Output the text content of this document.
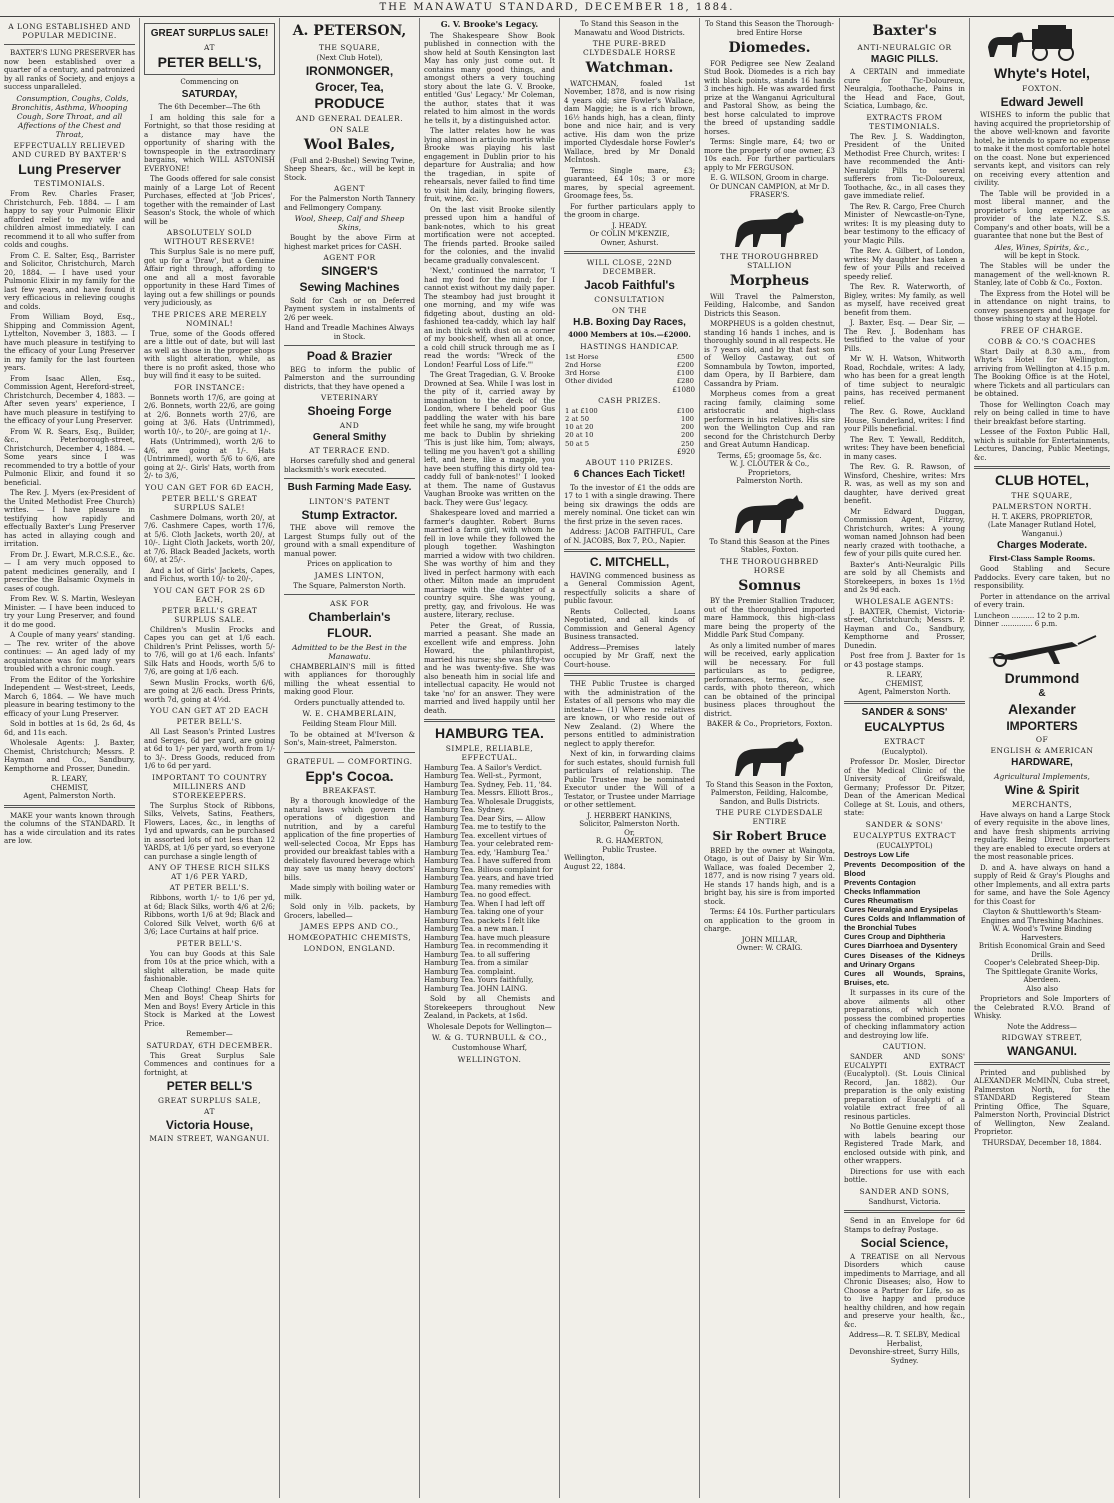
THE MANAWATU STANDARD, DECEMBER 18, 1884.
A LONG ESTABLISHED AND POPULAR MEDICINE.

BAXTER'S LUNG PRESERVER has now been established over a quarter of a century, and patronized by all ranks of Society, and enjoys a success unparalleled.

Consumption, Coughs, Colds, Bronchitis, Asthma, Whooping Cough, Sore Throat, and all Affections of the Chest and Throat,

EFFECTUALLY RELIEVED AND CURED BY BAXTER'S
Lung Preserver
TESTIMONIALS.

From Rev. Charles Fraser, Christchurch, Feb. 1884. — I am happy to say your Pulmonic Elixir afforded relief to my wife and children almost immediately. I can recommend it to all who suffer from colds and coughs.

From C. E. Salter, Esq., Barrister and Solicitor, Christchurch, March 20, 1884. — I have used your Pulmonic Elixir in my family for the last few years, and have found it very efficacious in relieving coughs and colds.

From William Boyd, Esq., Shipping and Commission Agent, Lyttelton, November 3, 1883. — I have much pleasure in testifying to the efficacy of your Lung Preserver in my family for the last fourteen years.

From Isaac Allen, Esq., Commission Agent, Hereford-street, Christchurch, December 4, 1883. — After seven years' experience, I have much pleasure in testifying to the efficacy of your Lung Preserver.

From W. R. Sears, Esq., Builder, &c., Peterborough-street, Christchurch, December 4, 1884. — Some years since I was recommended to try a bottle of your Pulmonic Elixir, and found it so beneficial.

The Rev. J. Myers (ex-President of the United Methodist Free Church) writes. — I have pleasure in testifying how rapidly and effectually Baxter's Lung Preserver has acted in allaying cough and irritation.

From Dr. J. Ewart, M.R.C.S.E., &c. — I am very much opposed to patent medicines generally, and I prescribe the Balsamic Oxymels in cases of cough.

From Rev. W. S. Martin, Wesleyan Minister. — I have been induced to try your Lung Preserver, and found it do me good.

A Couple of many years' standing. — The rev. writer of the above continues: — An aged lady of my acquaintance was for many years troubled with a chronic cough.

From the Editor of the Yorkshire Independent — West-street, Leeds, March 6, 1864. — We have much pleasure in bearing testimony to the efficacy of your Lung Preserver.

Sold in bottles at 1s 6d, 2s 6d, 4s 6d, and 11s each.

Wholesale Agents: J. Baxter, Chemist, Christchurch; Messrs. P. Hayman and Co., Sandbury, Kempthorne and Prosser, Dunedin.

R. LEARY,
CHEMIST,
Agent, Palmerston North.

MAKE your wants known through the columns of the STANDARD. It has a wide circulation and its rates are low.

GREAT SURPLUS SALE!
AT
PETER BELL'S,
Commencing on
SATURDAY,
The 6th December—The 6th

I am holding this sale for a Fortnight, so that those residing at a distance may have the opportunity of sharing with the townspeople in the extraordinary bargains, which WILL ASTONISH EVERYONE!

The Goods offered for sale consist mainly of a Large Lot of Recent Purchases, effected at 'Job Prices', together with the remainder of Last Season's Stock, the whole of which will be

ABSOLUTELY SOLD WITHOUT RESERVE!

This Surplus Sale is no mere puff, got up for a 'Draw', but a Genuine Affair right through, affording to one and all a most favorable opportunity in these Hard Times of laying out a few shillings or pounds very judiciously, as

THE PRICES ARE MERELY NOMINAL!

True, some of the Goods offered are a little out of date, but will last as well as those in the proper shops with slight alteration, while, as there is no profit asked, those who buy will find it easy to be suited.

FOR INSTANCE:

Bonnets worth 17/6, are going at 2/6. Bonnets, worth 22/6, are going at 2/6. Bonnets worth 27/6, are going at 3/6. Hats (Untrimmed), worth 10/-, to 20/-, are going at 1/-.

Hats (Untrimmed), worth 2/6 to 4/6, are going at 1/-. Hats (Untrimmed), worth 5/6 to 6/6, are going at 2/-. Girls' Hats, worth from 2/- to 3/6,

YOU CAN GET FOR 6D EACH,
PETER BELL'S GREAT SURPLUS SALE!

Cashmere Dolmans, worth 20/, at 7/6. Cashmere Capes, worth 17/6, at 5/6. Cloth Jackets, worth 20/, at 10/-. Light Cloth Jackets, worth 20/, at 7/6. Black Beaded Jackets, worth 60/, at 25/-.

And a lot of Girls' Jackets, Capes, and Fichus, worth 10/- to 20/-,

YOU CAN GET FOR 2S 6D EACH,
PETER BELL'S GREAT SURPLUS SALE.

Children's Muslin Frocks and Capes you can get at 1/6 each. Children's Print Pelisses, worth 5/- to 7/6, will go at 1/6 each. Infants' Silk Hats and Hoods, worth 5/6 to 7/6, are going at 1/6 each.

Sewn Muslin Frocks, worth 6/6, are going at 2/6 each. Dress Prints, worth 7d, going at 4½d.

YOU CAN GET AT 2D EACH
PETER BELL'S.

All Last Season's Printed Lustres and Serges, 6d per yard, are going at 6d to 1/- per yard, worth from 1/- to 3/-. Dress Goods, reduced from 1/6 to 6d per yard.

IMPORTANT TO COUNTRY MILLINERS AND STOREKEEPERS.

The Surplus Stock of Ribbons, Silks, Velvets, Satins, Feathers, Flowers, Laces, &c., in lengths of 1yd and upwards, can be purchased in assorted lots of not less than 12 YARDS, at 1/6 per yard, so everyone can purchase a single length of

ANY OF THESE RICH SILKS AT 1/6 PER YARD,
AT PETER BELL'S.

Ribbons, worth 1/- to 1/6 per yd, at 6d; Black Silks, worth 4/6 at 2/6; Ribbons, worth 1/6 at 9d; Black and Colored Silk Velvet, worth 6/6 at 3/6; Lace Curtains at half price.

PETER BELL'S.

You can buy Goods at this Sale from 10s at the price which, with a slight alteration, be made quite fashionable.

Cheap Clothing! Cheap Hats for Men and Boys! Cheap Shirts for Men and Boys! Every Article in this Stock is Marked at the Lowest Price.

Remember—
SATURDAY, 6TH DECEMBER.

This Great Surplus Sale Commences and continues for a fortnight, at

PETER BELL'S
GREAT SURPLUS SALE,
AT
Victoria House,
MAIN STREET, WANGANUI.
A. PETERSON,
THE SQUARE,
(Next Club Hotel),
IRONMONGER,
Grocer, Tea,
PRODUCE
AND GENERAL DEALER.
ON SALE
Wool Bales,

(Full and 2-Bushel) Sewing Twine, Sheep Shears, &c., will be kept in Stock.

AGENT

For the Palmerston North Tannery and Fellmongery Company.

Wool, Sheep, Calf and Sheep Skins,

Bought by the above Firm at highest market prices for CASH.

AGENT FOR
SINGER'S
Sewing Machines

Sold for Cash or on Deferred Payment system in instalments of 2/6 per week.

Hand and Treadle Machines Always in Stock.
Poad & Brazier

BEG to inform the public of Palmerston and the surrounding districts, that they have opened a

VETERINARY
Shoeing Forge
AND
General Smithy
AT TERRACE END.

Horses carefully shod and general blacksmith's work executed.

Bush Farming Made Easy.
LINTON'S PATENT
Stump Extractor.

THE above will remove the Largest Stumps fully out of the ground with a small expenditure of manual power.

Prices on application to
JAMES LINTON,
The Square, Palmerston North.
ASK FOR
Chamberlain's
FLOUR.
Admitted to be the Best in the Manawatu.

CHAMBERLAIN'S mill is fitted with appliances for thoroughly milling the wheat essential to making good Flour.

Orders punctually attended to.
W. E. CHAMBERLAIN,
Feilding Steam Flour Mill.

To be obtained at M'Iverson & Son's, Main-street, Palmerston.

GRATEFUL — COMFORTING.
Epp's Cocoa.
BREAKFAST.

By a thorough knowledge of the natural laws which govern the operations of digestion and nutrition, and by a careful application of the fine properties of well-selected Cocoa, Mr Epps has provided our breakfast tables with a delicately flavoured beverage which may save us many heavy doctors' bills.

Made simply with boiling water or milk.

Sold only in ½lb. packets, by Grocers, labelled—

JAMES EPPS AND CO.,
HOMŒOPATHIC CHEMISTS,
LONDON, ENGLAND.
G. V. Brooke's Legacy.

The Shakespeare Show Book published in connection with the show held at South Kensington last May has only just come out. It contains many good things, and amongst others a very touching story about the late G. V. Brooke, entitled 'Gus' Legacy.' Mr Coleman, the author, states that it was related to him almost in the words he tells it, by a distinguished actor.

The latter relates how he was lying almost in articulo mortis while Brooke was playing his last engagement in Dublin prior to his departure for Australia; and how the tragedian, in spite of rehearsals, never failed to find time to visit him daily, bringing flowers, fruit, wine, &c.

On the last visit Brooke silently pressed upon him a handful of bank-notes, which to his great mortification were not accepted. The friends parted. Brooke sailed for the colonies, and the invalid became gradually convalescent.

'Next,' continued the narrator, 'I had my food for the mind; for I cannot exist without my daily paper. The steamboy had just brought it one morning, and my wife was fidgeting about, dusting an old-fashioned tea-caddy, which lay half an inch thick with dust on a corner of my book-shelf, when all at once, a cold chill struck through me as I read the words: "Wreck of the London! Fearful Loss of Life."'

The Great Tragedian, G. V. Brooke Drowned at Sea. While I was lost in the pity of it, carried away by imagination to the deck of the London, where I beheld poor Gus paddling the water with his bare feet while he sang, my wife brought me back to Dublin by shrieking 'This is just like him, Tom; always, telling me you haven't got a shilling left, and here, like a magpie, you have been stuffing this dirty old tea-caddy full of bank-notes!' I looked at them. The name of Gustavus Vaughan Brooke was written on the back. They were Gus' legacy.

Shakespeare loved and married a farmer's daughter. Robert Burns married a farm girl, with whom he fell in love while they followed the plough together. Washington married a widow with two children. She was worthy of him and they lived in perfect harmony with each other. Milton made an imprudent marriage with the daughter of a country squire. She was young, pretty, gay, and frivolous. He was austere, literary, recluse.

Peter the Great, of Russia, married a peasant. She made an excellent wife and empress. John Howard, the philanthropist, married his nurse; she was fifty-two and he was twenty-five. She was also beneath him in social life and intellectual capacity. He would not take 'no' for an answer. They were married and lived happily until her death.

HAMBURG TEA.
SIMPLE, RELIABLE, EFFECTUAL.
Hamburg Tea. A Sailor's Verdict.
Hamburg Tea. Well-st., Pyrmont,
Hamburg Tea. Sydney, Feb. 11, '84.
Hamburg Tea. Messrs. Elliott Bros.,
Hamburg Tea. Wholesale Druggists,
Hamburg Tea. Sydney.
Hamburg Tea. Dear Sirs, — Allow
Hamburg Tea. me to testify to the
Hamburg Tea. excellent virtues of
Hamburg Tea. your celebrated rem-
Hamburg Tea. edy, 'Hamburg Tea.'
Hamburg Tea. I have suffered from
Hamburg Tea. Bilious complaint for
Hamburg Tea. years, and have tried
Hamburg Tea. many remedies with
Hamburg Tea. no good effect.
Hamburg Tea. When I had left off
Hamburg Tea. taking one of your
Hamburg Tea. packets I felt like
Hamburg Tea. a new man. I
Hamburg Tea. have much pleasure
Hamburg Tea. in recommending it
Hamburg Tea. to all suffering
Hamburg Tea. from a similar
Hamburg Tea. complaint.
Hamburg Tea. Yours faithfully,
Hamburg Tea. JOHN LAING.

Sold by all Chemists and Storekeepers throughout New Zealand, in Packets, at 1s6d.

Wholesale Depots for Wellington—
W. & G. TURNBULL & CO.,
Customhouse Wharf,
WELLINGTON.
To Stand this Season in the Manawatu and Wood Districts.
THE PURE-BRED CLYDESDALE HORSE
Watchman.

WATCHMAN, foaled 1st November, 1878, and is now rising 4 years old; sire Fowler's Wallace, dam Maggie; he is a rich brown, 16½ hands high, has a clean, flinty bone and nice hair, and is very active. His dam won the prize imported Clydesdale horse Fowler's Wallace, bred by Mr Donald McIntosh.

Terms: Single mare, £3; guaranteed, £4 10s; 3 or more mares, by special agreement. Groomage fees, 5s.

For further particulars apply to the groom in charge.

J. HEADY.
Or COLIN M'KENZIE,
Owner, Ashurst.
WILL CLOSE, 22ND DECEMBER.
Jacob Faithful's
CONSULTATION
ON THE
H.B. Boxing Day Races,
4000 Members at 10s.—£2000.
HASTINGS HANDICAP.
1st Horse	£500
2nd Horse	£200
3rd Horse	£100
Other divided	£280
£1080
CASH PRIZES.
1 at £100	£100
2 at 50	100
10 at 20	200
20 at 10	200
50 at 5	250
£920
ABOUT 110 PRIZES.
6 Chances Each Ticket!

To the investor of £1 the odds are 17 to 1 with a single drawing. There being six drawings the odds are merely nominal. One ticket can win the first prize in the seven races.

Address: JACOB FAITHFUL, Care of N. JACOBS, Box 7, P.O., Napier.

C. MITCHELL,

HAVING commenced business as a General Commission Agent, respectfully solicits a share of public favour.

Rents Collected, Loans Negotiated, and all kinds of Commission and General Agency Business transacted.

Address—Premises lately occupied by Mr Graff, next the Court-house.

THE Public Trustee is charged with the administration of the Estates of all persons who may die intestate— (1) Where no relatives are known, or who reside out of New Zealand. (2) Where the persons entitled to administration neglect to apply therefor.

Next of kin, in forwarding claims for such estates, should furnish full particulars of relationship. The Public Trustee may be nominated Executor under the Will of a Testator, or Trustee under Marriage or other settlement.

J. HERBERT HANKINS,
Solicitor, Palmerston North.
Or,
R. G. HAMERTON,
Public Trustee.
Wellington,
August 22, 1884.
To Stand this Season the Thorough-bred Entire Horse
Diomedes.

FOR Pedigree see New Zealand Stud Book. Diomedes is a rich bay with black points, stands 16 hands 3 inches high. He was awarded first prize at the Wanganui Agricultural and Pastoral Show, as being the best horse calculated to improve the breed of upstanding saddle horses.

Terms: Single mare, £4; two or more the property of one owner, £3 10s each. For further particulars apply to Mr FERGUSON.

E. G. WILSON, Groom in charge.
Or DUNCAN CAMPION, at Mr D. FRASER'S.
THE THOROUGHBRED STALLION
Morpheus

Will Travel the Palmerston, Feilding, Halcombe, and Sandon Districts this Season.

MORPHEUS is a golden chestnut, standing 16 hands 1 inches, and is thoroughly sound in all respects. He is 7 years old, and by that fast son of Welloy Castaway, out of Somnambula by Towton, imported, dam Opera, by II Barbiere, dam Cassandra by Priam.

Morpheus comes from a great racing family, claiming some aristocratic and high-class performers in his relatives. His sire won the Wellington Cup and ran second for the Christchurch Derby and Great Autumn Handicap.

Terms, £5; groomage 5s, &c.
W. J. CLOUTER & Co.,
Proprietors,
Palmerston North.
To Stand this Season at the Pines Stables, Foxton.
THE THOROUGHBRED HORSE
Somnus

BY the Premier Stallion Traducer, out of the thoroughbred imported mare Hammock, this high-class mare being the property of the Middle Park Stud Company.

As only a limited number of mares will be received, early application will be necessary. For full particulars as to pedigree, performances, terms, &c., see cards, with photo thereon, which can be obtained of the principal business places throughout the district.

BAKER & Co., Proprietors, Foxton.
To Stand this Season in the Foxton, Palmerston, Feilding, Halcombe, Sandon, and Bulls Districts.
THE PURE CLYDESDALE ENTIRE
Sir Robert Bruce

BRED by the owner at Waingota, Otago, is out of Daisy by Sir Wm. Wallace, was foaled December 2, 1877, and is now rising 7 years old. He stands 17 hands high, and is a bright bay, his sire is from imported stock.

Terms: £4 10s. Further particulars on application to the groom in charge.

JOHN MILLAR,
Owner: W. CRAIG.
Baxter's
ANTI-NEURALGIC OR
MAGIC PILLS.

A CERTAIN and immediate cure for Tic-Doloureux, Neuralgia, Toothache, Pains in the Head and Face, Gout, Sciatica, Lumbago, &c.

EXTRACTS FROM TESTIMONIALS.

The Rev. J. S. Waddington, President of the United Methodist Free Church, writes: I have recommended the Anti-Neuralgic Pills to several sufferers from Tic-Doloureux, Toothache, &c., in all cases they gave immediate relief.

The Rev. R. Cargo, Free Church Minister of Newcastle-on-Tyne, writes: It is my pleasing duty to bear testimony to the efficacy of your Magic Pills.

The Rev. A. Gilbert, of London, writes: My daughter has taken a few of your Pills and received speedy relief.

The Rev. R. Waterworth, of Bigley, writes: My family, as well as myself, have received great benefit from them.

J. Baxter, Esq. — Dear Sir, — The Rev. J. Bodenham has testified to the value of your Pills.

Mr W. H. Watson, Whitworth Road, Rochdale, writes: A lady, who has been for a great length of time subject to neuralgic pains, has received permanent relief.

The Rev. G. Rowe, Auckland House, Sunderland, writes: I find your Pills beneficial.

The Rev. T. Yewall, Redditch, writes: They have been beneficial in many cases.

The Rev. G. R. Rawson, of Winsford, Cheshire, writes: Mrs R. was, as well as my son and daughter, have derived great benefit.

Mr Edward Duggan, Commission Agent, Fitzroy, Christchurch, writes: A young woman named Johnson had been nearly crazed with toothache, a few of your pills quite cured her.

Baxter's Anti-Neuralgic Pills are sold by all Chemists and Storekeepers, in boxes 1s 1½d and 2s 9d each.

WHOLESALE AGENTS:

J. BAXTER, Chemist, Victoria-street, Christchurch; Messrs. P. Hayman and Co., Sandbury, Kempthorne and Prosser, Dunedin.

Post free from J. Baxter for 1s or 43 postage stamps.

R. LEARY,
CHEMIST,
Agent, Palmerston North.
SANDER & SONS'
EUCALYPTUS
EXTRACT
(Eucalyptol).

Professor Dr. Mosler, Director of the Medical Clinic of the University of Greifswald, Germany; Professor Dr. Pitzer, Dean of the American Medical College at St. Louis, and others, state:

SANDER & SONS'
EUCALYPTUS EXTRACT
(EUCALYPTOL)
Destroys Low Life
Prevents Decomposition of the Blood
Prevents Contagion
Checks Inflammation
Cures Rheumatism
Cures Neuralgia and Erysipelas
Cures Colds and Inflammation of the Bronchial Tubes
Cures Croup and Diphtheria
Cures Diarrhoea and Dysentery
Cures Diseases of the Kidneys and Urinary Organs
Cures all Wounds, Sprains, Bruises, etc.

It surpasses in its cure of the above ailments all other preparations, of which none possess the combined properties of checking inflammatory action and destroying low life.

CAUTION.

SANDER AND SONS' EUCALYPTI EXTRACT (Eucalyptol). (St. Louis Clinical Record, Jan. 1882). Our preparation is the only existing preparation of Eucalypti of a volatile extract free of all resinous particles.

No Bottle Genuine except those with labels bearing our Registered Trade Mark, and enclosed outside with pink, and other wrappers.

Directions for use with each bottle.

SANDER AND SONS,
Sandhurst, Victoria.

Send in an Envelope for 6d Stamps to defray Postage.

Social Science,

A TREATISE on all Nervous Disorders which cause impediments to Marriage, and all Chronic Diseases; also, How to Choose a Partner for Life, so as to live happy and produce healthy children, and how regain and preserve your health, &c., &c.

Address—R. T. SELBY, Medical Herbalist,
Devonshire-street, Surry Hills,
Sydney.
Whyte's Hotel,
FOXTON.
Edward Jewell

WISHES to inform the public that having acquired the proprietorship of the above well-known and favorite hotel, he intends to spare no expense to make it the most comfortable hotel on the coast. None but experienced servants kept, and visitors can rely on receiving every attention and civility.

The Table will be provided in a most liberal manner, and the proprietor's long experience as provider of the late N.Z. S.S. Company's and other boats, will be a guarantee that none but the Best of

Ales, Wines, Spirits, &c.,
will be kept in Stock.

The Stables will be under the management of the well-known R. Stanley, late of Cobb & Co., Foxton.

The Express from the Hotel will be in attendance on night trains, to convey passengers and luggage for those wishing to stay at the Hotel.

FREE OF CHARGE.
COBB & CO.'S COACHES

Start Daily at 8.30 a.m., from Whyte's Hotel for Wellington, arriving from Wellington at 4.15 p.m. The Booking Office is at the Hotel, where Tickets and all particulars can be obtained.

Those for Wellington Coach may rely on being called in time to have their breakfast before starting.

Lessee of the Foxton Public Hall, which is suitable for Entertainments, Lectures, Dancing, Public Meetings, &c.

CLUB HOTEL,
THE SQUARE,
PALMERSTON NORTH.
H. T. AKERS, PROPRIETOR,
(Late Manager Rutland Hotel, Wanganui.)
Charges Moderate.
First-Class Sample Rooms.

Good Stabling and Secure Paddocks. Every care taken, but no responsibility.

Porter in attendance on the arrival of every train.

Luncheon .......... 12 to 2 p.m.
Dinner .............. 6 p.m.
Drummond
&
Alexander
IMPORTERS
OF
ENGLISH & AMERICAN
HARDWARE,
Agricultural Implements,
Wine & Spirit
MERCHANTS,

Have always on hand a Large Stock of every requisite in the above lines, and have fresh shipments arriving regularly. Being Direct Importers they are enabled to execute orders at the most reasonable prices.

D. and A. have always on hand a supply of Reid & Gray's Ploughs and other Implements, and all extra parts for same, and have the Sole Agency for this Coast for

Clayton & Shuttleworth's Steam-Engines and Threshing Machines.
W. A. Wood's Twine Binding Harvesters.
British Economical Grain and Seed Drills.
Cooper's Celebrated Sheep-Dip.
The Spittlegate Granite Works, Aberdeen.
Also also

Proprietors and Sole Importers of the Celebrated R.V.O. Brand of Whisky.

Note the Address—
RIDGWAY STREET,
WANGANUI.

Printed and published by ALEXANDER McMINN, Cuba street, Palmerston North, for the STANDARD Registered Steam Printing Office, The Square, Palmerston North, Provincial District of Wellington, New Zealand. Proprietor.

THURSDAY, December 18, 1884.
